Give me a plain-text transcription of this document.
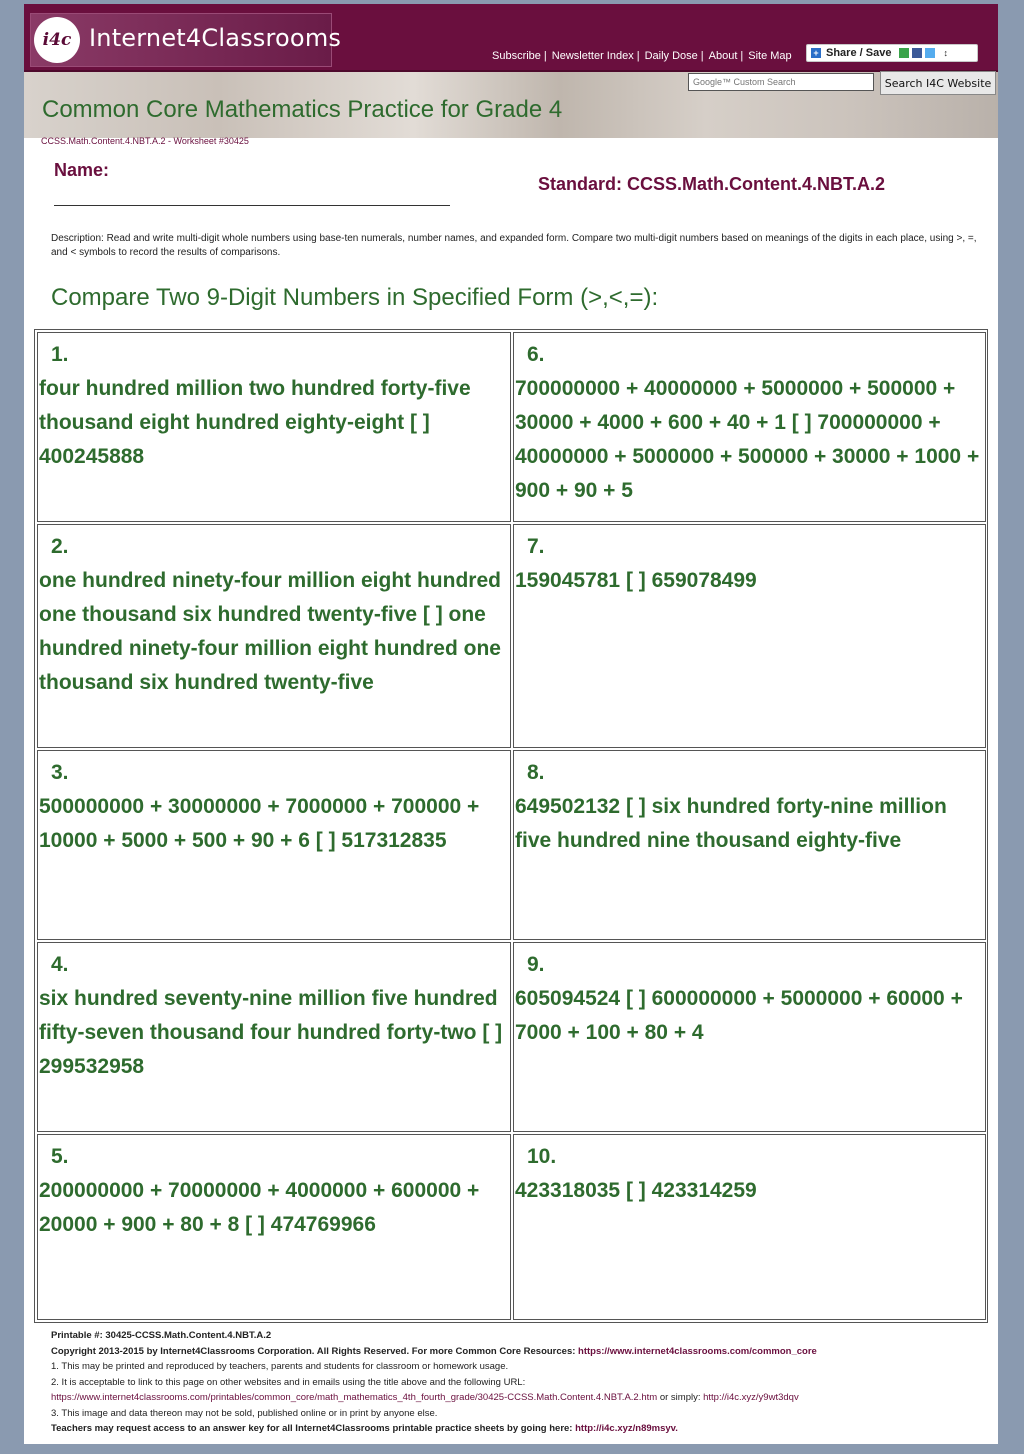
i4c Internet4Classrooms
Subscribe | Newsletter Index | Daily Dose | About | Site Map + Share / Save	↕
Common Core Mathematics Practice for Grade 4
Google™ Custom Search
Search I4C Website
CCSS.Math.Content.4.NBT.A.2 - Worksheet #30425
Name:
Standard: CCSS.Math.Content.4.NBT.A.2
Description: Read and write multi-digit whole numbers using base-ten numerals, number names, and expanded form. Compare two multi-digit numbers based on meanings of the digits in each place, using >, =, and < symbols to record the results of comparisons.
Compare Two 9-Digit Numbers in Specified Form (>,<,=):
1.
four hundred million two hundred forty-five thousand eight hundred eighty-eight [ ] 400245888
2.
one hundred ninety-four million eight hundred one thousand six hundred twenty-five [ ] one hundred ninety-four million eight hundred one thousand six hundred twenty-five
3.
500000000 + 30000000 + 7000000 + 700000 + 10000 + 5000 + 500 + 90 + 6 [ ] 517312835
4.
six hundred seventy-nine million five hundred fifty-seven thousand four hundred forty-two [ ] 299532958
5.
200000000 + 70000000 + 4000000 + 600000 + 20000 + 900 + 80 + 8 [ ] 474769966
6.
700000000 + 40000000 + 5000000 + 500000 + 30000 + 4000 + 600 + 40 + 1 [ ] 700000000 + 40000000 + 5000000 + 500000 + 30000 + 1000 + 900 + 90 + 5
7.
159045781 [ ] 659078499
8.
649502132 [ ] six hundred forty-nine million five hundred nine thousand eighty-five
9.
605094524 [ ] 600000000 + 5000000 + 60000 + 7000 + 100 + 80 + 4
10.
423318035 [ ] 423314259
Printable #: 30425-CCSS.Math.Content.4.NBT.A.2
Copyright 2013-2015 by Internet4Classrooms Corporation. All Rights Reserved. For more Common Core Resources: https://www.internet4classrooms.com/common_core
1. This may be printed and reproduced by teachers, parents and students for classroom or homework usage.
2. It is acceptable to link to this page on other websites and in emails using the title above and the following URL:
https://www.internet4classrooms.com/printables/common_core/math_mathematics_4th_fourth_grade/30425-CCSS.Math.Content.4.NBT.A.2.htm or simply: http://i4c.xyz/y9wt3dqv
3. This image and data thereon may not be sold, published online or in print by anyone else.
Teachers may request access to an answer key for all Internet4Classrooms printable practice sheets by going here: http://i4c.xyz/n89msyv.
